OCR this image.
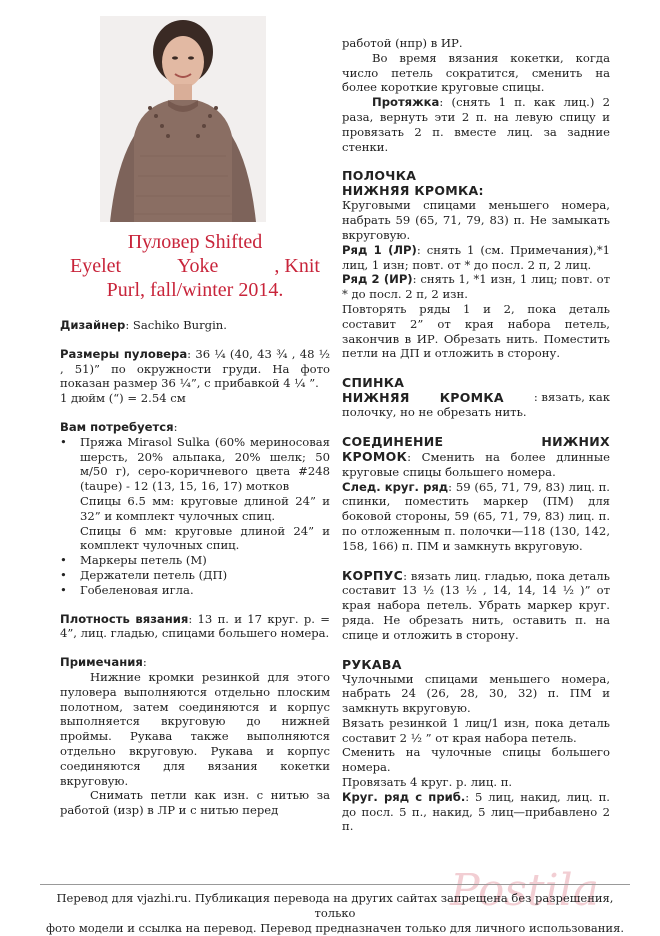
Пуловер Shifted
Eyelet	Yoke	, Knit
Purl, fall/winter 2014.

Дизайнер: Sachiko Burgin.

Размеры пуловера: 36 ¼ (40, 43 ¾ , 48 ½ , 51)” по окружности груди. На фото показан размер 36 ¼”, с прибавкой 4 ¼ ”.

1 дюйм (“) = 2.54 см

Вам потребуется:

•	Пряжа Mirasol Sulka (60% мериносовая шерсть, 20% альпака, 20% шелк; 50 м/50 г), серо-коричневого цвета #248 (taupe) - 12 (13, 15, 16, 17) мотков
Спицы 6.5 мм: круговые длиной 24” и 32” и комплект чулочных спиц.
Спицы 6 мм: круговые длиной 24” и комплект чулочных спиц.
•	Маркеры петель (М)
•	Держатели петель (ДП)
•	Гобеленовая игла.

Плотность вязания: 13 п. и 17 круг. р. = 4”, лиц. гладью, спицами большего номера.

Примечания:

Нижние кромки резинкой для этого пуловера выполняются отдельно плоским полотном, затем соединяются и корпус выполняется вкруговую до нижней проймы. Рукава также выполняются отдельно вкруговую. Рукава и корпус соединяются для вязания кокетки вкруговую.

Снимать петли как изн. с нитью за работой (изр) в ЛР и с нитью перед

работой (нпр) в ИР.

Во время вязания кокетки, когда число петель сократится, сменить на более короткие круговые спицы.

Протяжка: (снять 1 п. как лиц.) 2 раза, вернуть эти 2 п. на левую спицу и провязать 2 п. вместе лиц. за задние стенки.

ПОЛОЧКА

НИЖНЯЯ КРОМКА:

Круговыми спицами меньшего номера, набрать 59 (65, 71, 79, 83) п. Не замыкать вкруговую.

Ряд 1 (ЛР): снять 1 (см. Примечания),*1 лиц, 1 изн; повт. от * до посл. 2 п, 2 лиц.

Ряд 2 (ИР): снять 1, *1 изн, 1 лиц; повт. от * до посл. 2 п, 2 изн.

Повторять ряды 1 и 2, пока деталь составит 2” от края набора петель, закончив в ИР. Обрезать нить. Поместить петли на ДП и отложить в сторону.

СПИНКА

НИЖНЯЯ КРОМКА	: вязать, как

полочку, но не обрезать нить.

СОЕДИНЕНИЕ	НИЖНИХ

КРОМОК: Сменить на более длинные круговые спицы большего номера.

След. круг. ряд: 59 (65, 71, 79, 83) лиц. п. спинки, поместить маркер (ПМ) для боковой стороны, 59 (65, 71, 79, 83) лиц. п. по отложенным п. полочки—118 (130, 142, 158, 166) п. ПМ и замкнуть вкруговую.

КОРПУС: вязать лиц. гладью, пока деталь составит 13 ½ (13 ½ , 14, 14, 14 ½ )” от края набора петель. Убрать маркер круг. ряда. Не обрезать нить, оставить п. на спице и отложить в сторону.

РУКАВА

Чулочными спицами меньшего номера, набрать 24 (26, 28, 30, 32) п. ПМ и замкнуть вкруговую.

Вязать резинкой 1 лиц/1 изн, пока деталь составит 2 ½ ” от края набора петель.

Сменить на чулочные спицы большего номера.

Провязать 4 круг. р. лиц. п.

Круг. ряд с приб.: 5 лиц, накид, лиц. п. до посл. 5 п., накид, 5 лиц—прибавлено 2 п.

Postila
Перевод для vjazhi.ru. Публикация перевода на других сайтах запрещена без разрешения, только
фото модели и ссылка на перевод. Перевод предназначен только для личного использования.
